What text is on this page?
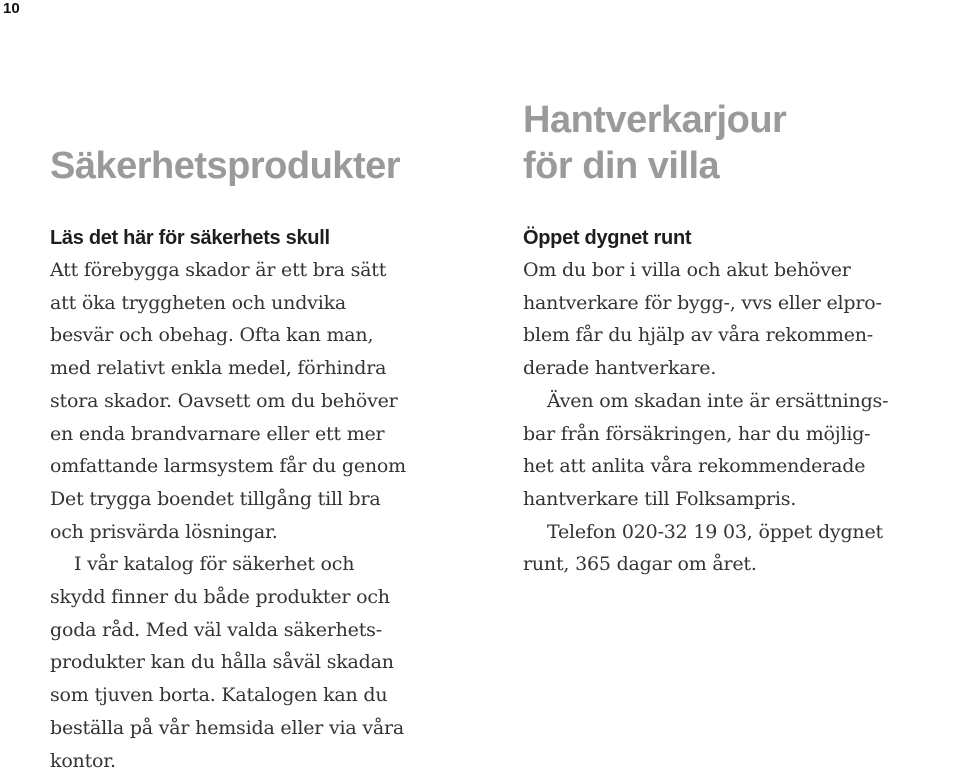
10
Säkerhetsprodukter

Läs det här för säkerhets skull

Att förebygga skador är ett bra sätt
att öka tryggheten och undvika
besvär och obehag. Ofta kan man,
med relativt enkla medel, förhindra
stora skador. Oavsett om du behöver
en enda brandvarnare eller ett mer
omfattande larmsystem får du genom
Det trygga boendet tillgång till bra
och prisvärda lösningar.

I vår katalog för säkerhet och
skydd finner du både produkter och
goda råd. Med väl valda säkerhets-
produkter kan du hålla såväl skadan
som tjuven borta. Katalogen kan du
beställa på vår hemsida eller via våra
kontor.

Hantverkarjour
för din villa

Öppet dygnet runt

Om du bor i villa och akut behöver
hantverkare för bygg-, vvs eller elpro-
blem får du hjälp av våra rekommen-
derade hantverkare.

Även om skadan inte är ersättnings-
bar från försäkringen, har du möjlig-
het att anlita våra rekommenderade
hantverkare till Folksampris.

Telefon 020-32 19 03, öppet dygnet
runt, 365 dagar om året.
